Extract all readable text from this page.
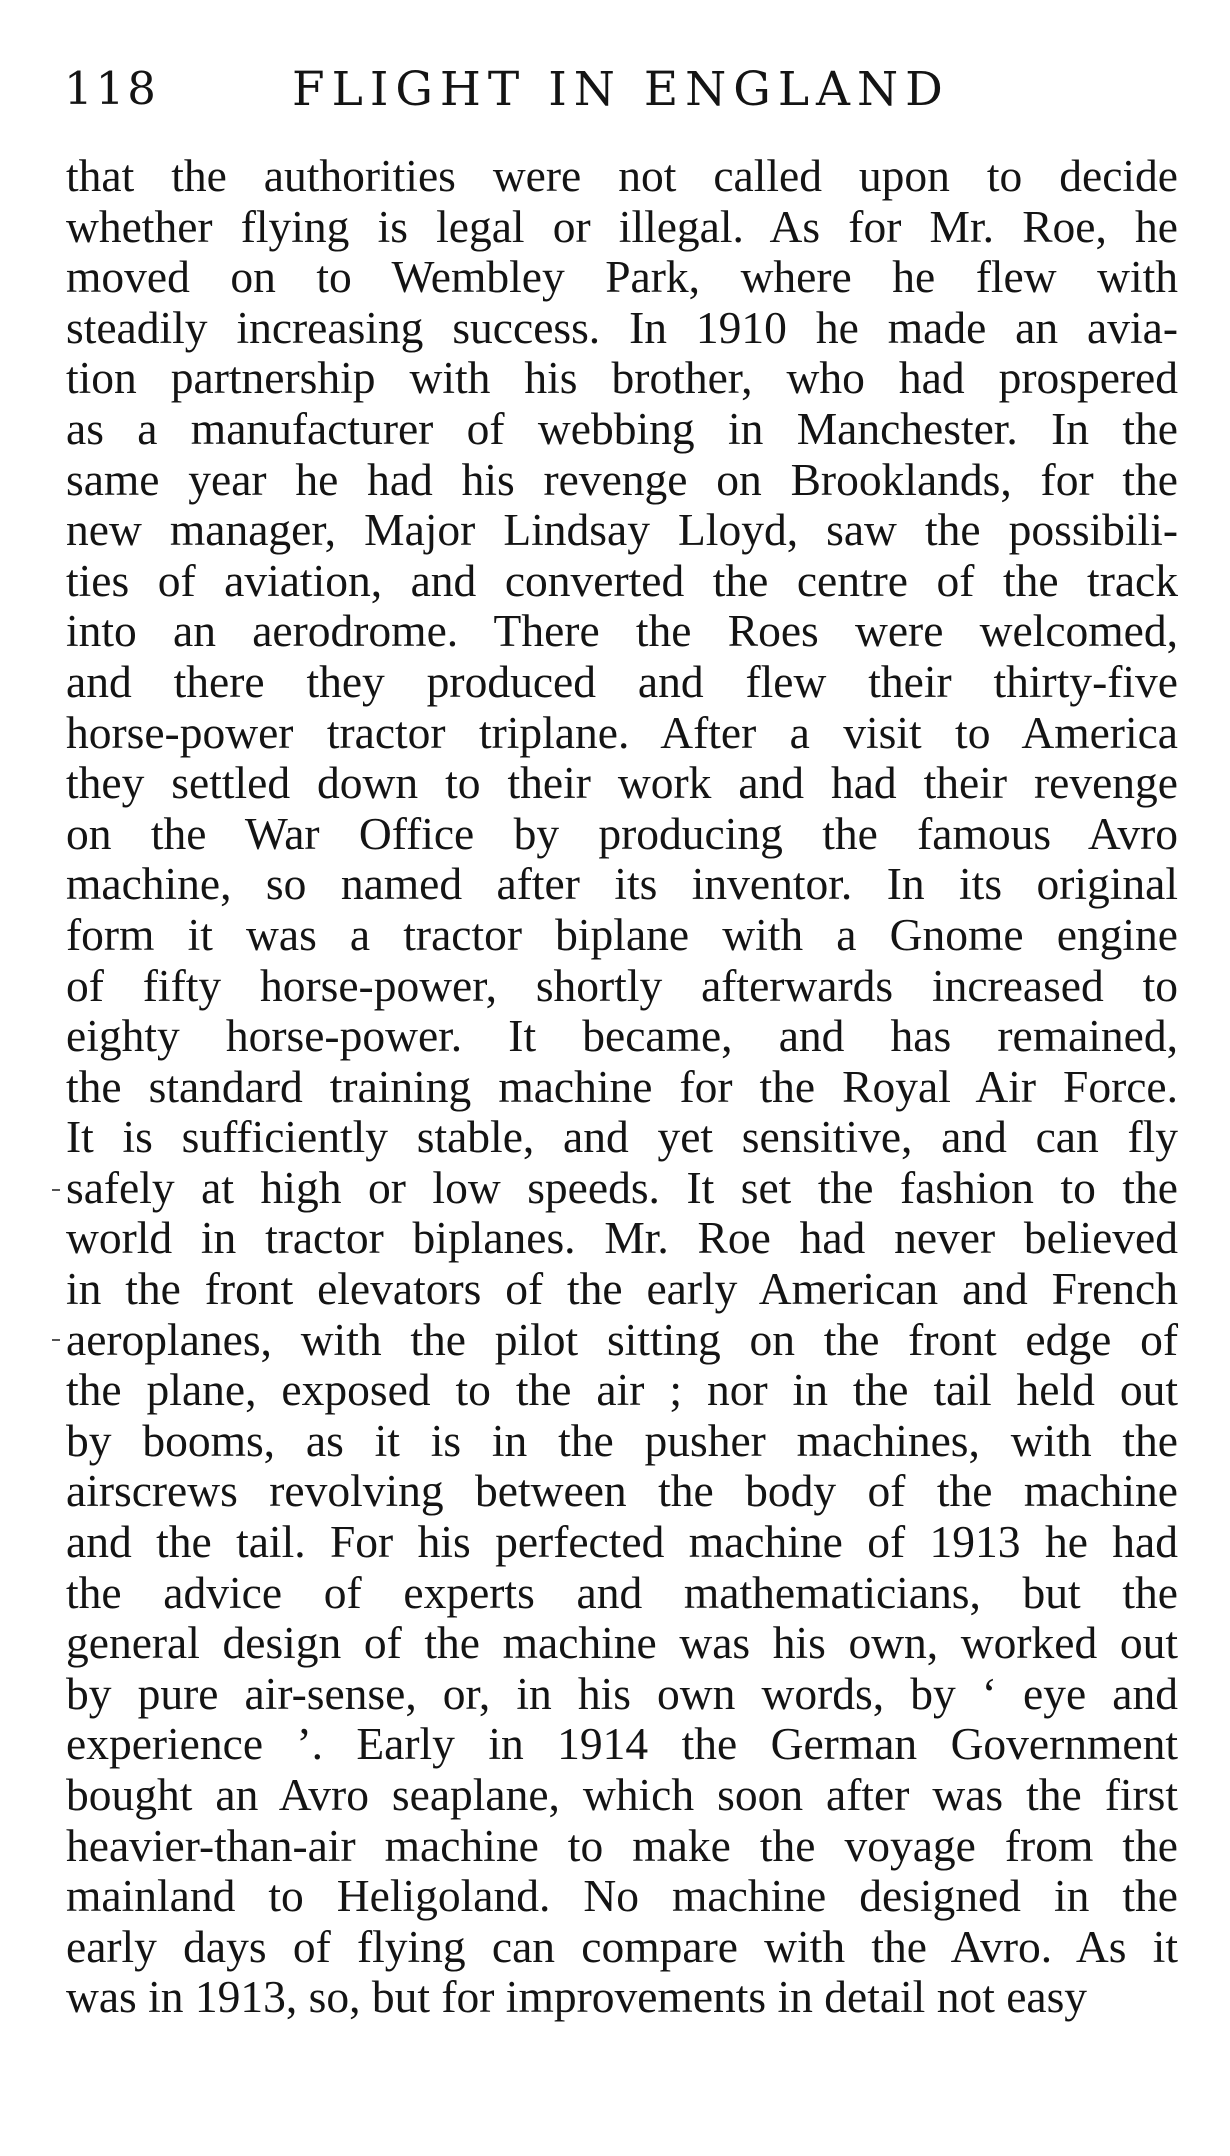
118	FLIGHT IN ENGLAND
that the authorities were not called upon to decide
whether flying is legal or illegal. As for Mr. Roe, he
moved on to Wembley Park, where he flew with
steadily increasing success. In 1910 he made an avia-
tion partnership with his brother, who had prospered
as a manufacturer of webbing in Manchester. In the
same year he had his revenge on Brooklands, for the
new manager, Major Lindsay Lloyd, saw the possibili-
ties of aviation, and converted the centre of the track
into an aerodrome. There the Roes were welcomed,
and there they produced and flew their thirty-five
horse-power tractor triplane. After a visit to America
they settled down to their work and had their revenge
on the War Office by producing the famous Avro
machine, so named after its inventor. In its original
form it was a tractor biplane with a Gnome engine
of fifty horse-power, shortly afterwards increased to
eighty horse-power. It became, and has remained,
the standard training machine for the Royal Air Force.
It is sufficiently stable, and yet sensitive, and can fly
safely at high or low speeds. It set the fashion to the
world in tractor biplanes. Mr. Roe had never believed
in the front elevators of the early American and French
aeroplanes, with the pilot sitting on the front edge of
the plane, exposed to the air ; nor in the tail held out
by booms, as it is in the pusher machines, with the
airscrews revolving between the body of the machine
and the tail. For his perfected machine of 1913 he had
the advice of experts and mathematicians, but the
general design of the machine was his own, worked out
by pure air-sense, or, in his own words, by ‘ eye and
experience ’. Early in 1914 the German Government
bought an Avro seaplane, which soon after was the first
heavier-than-air machine to make the voyage from the
mainland to Heligoland. No machine designed in the
early days of flying can compare with the Avro. As it
was in 1913, so, but for improvements in detail not easy
